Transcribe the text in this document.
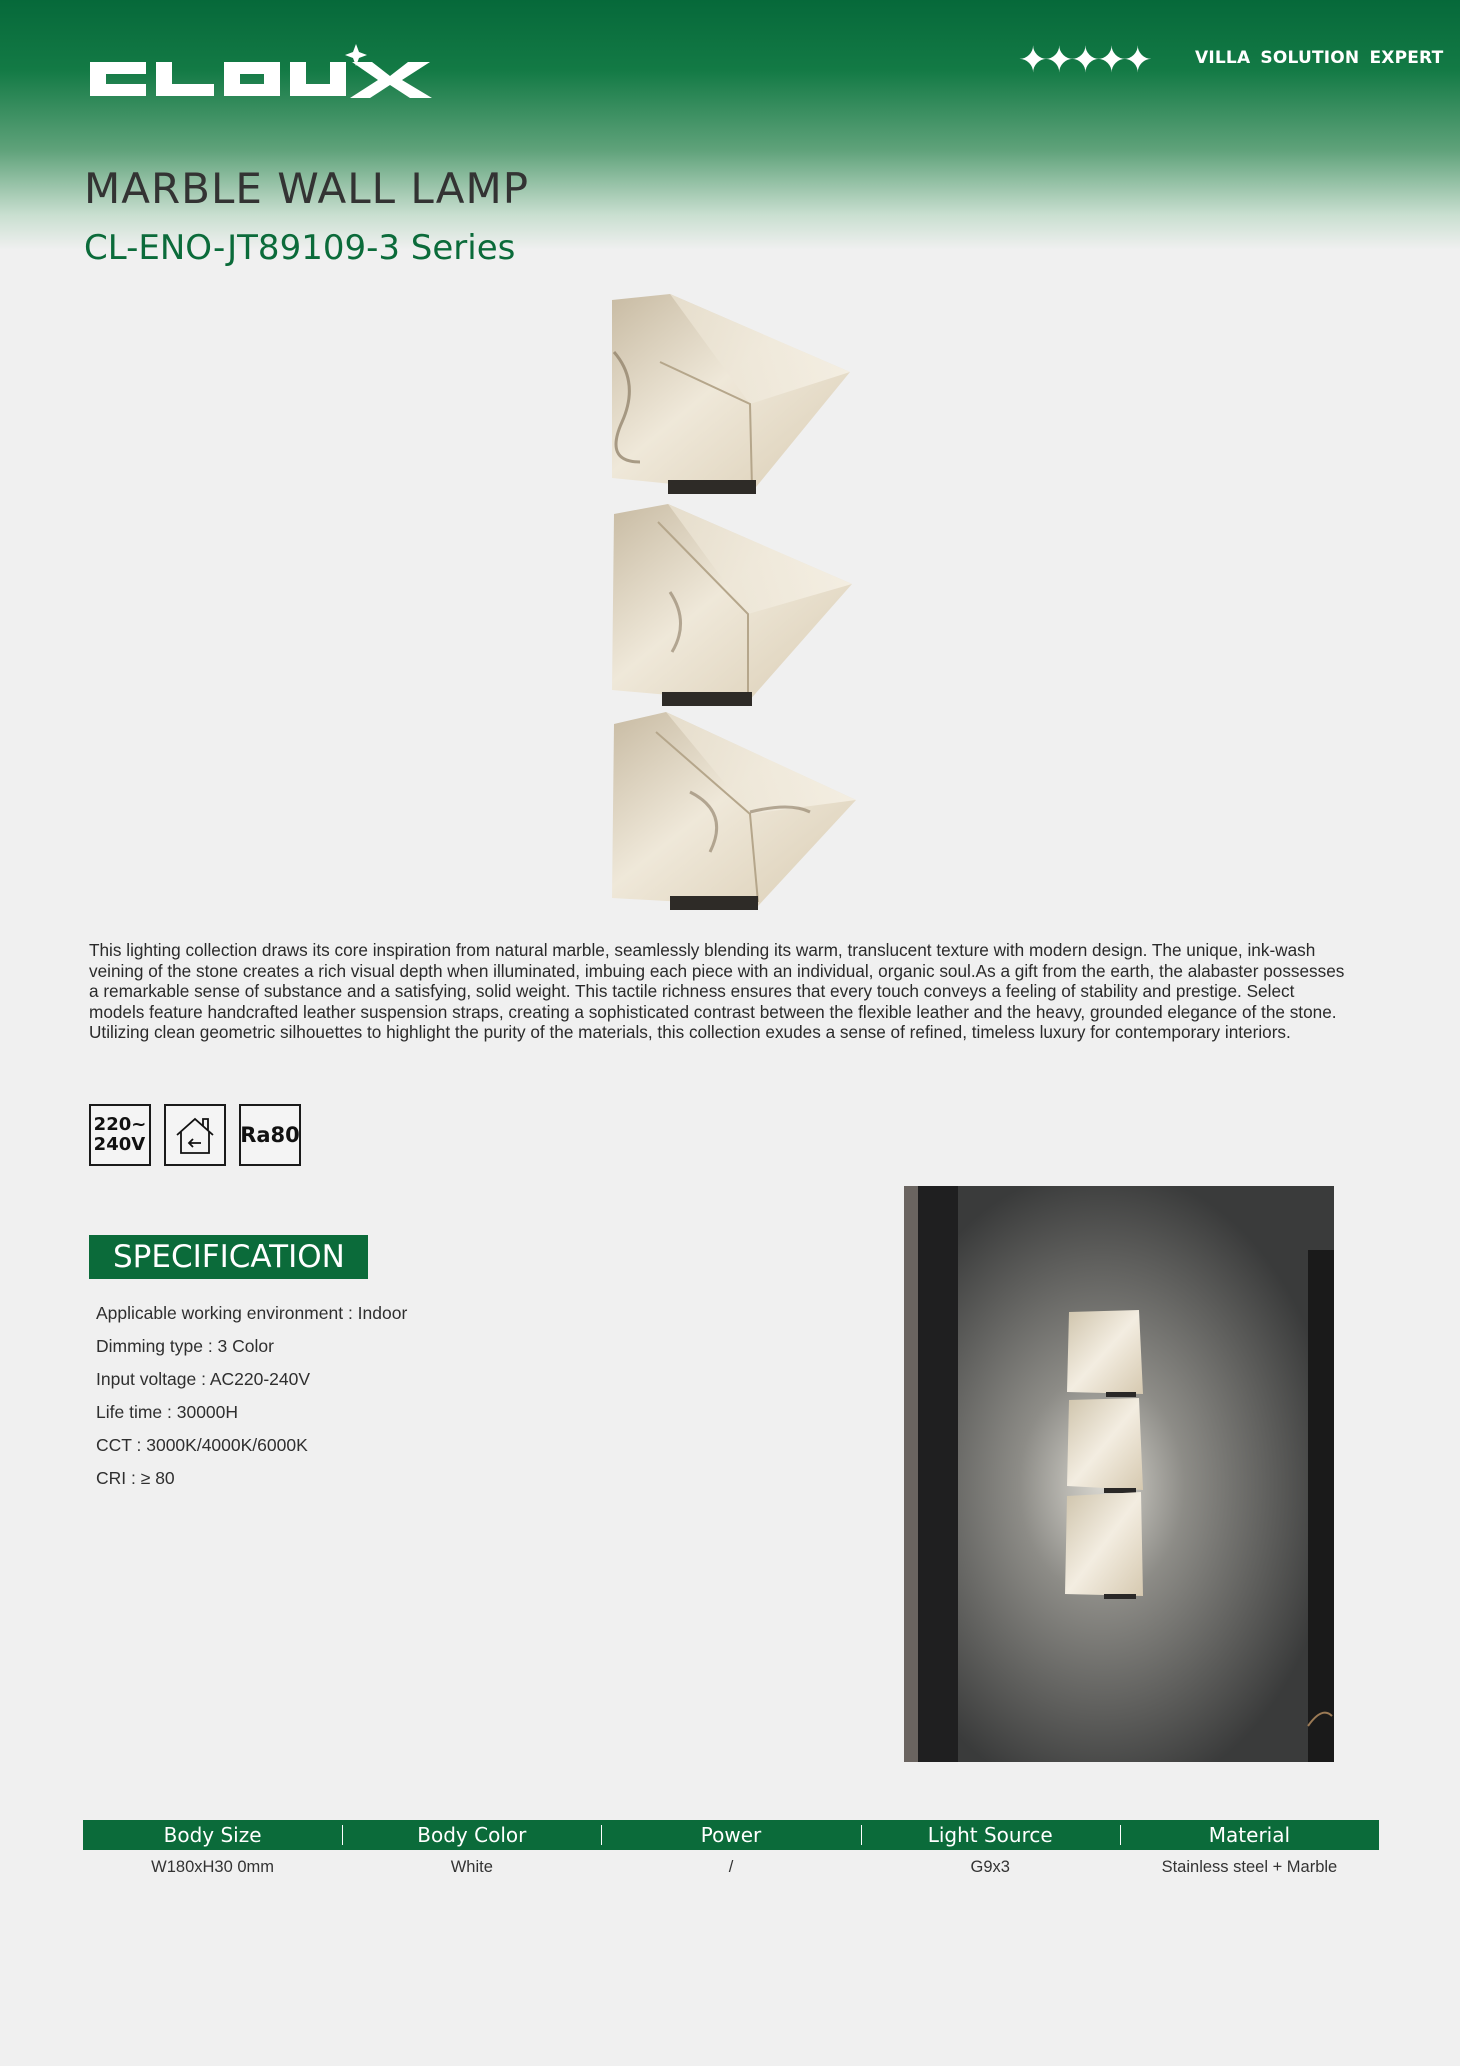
✦✦✦✦✦	VILLA SOLUTION EXPERT
MARBLE WALL LAMP
CL-ENO-JT89109-3 Series

This lighting collection draws its core inspiration from natural marble, seamlessly blending its warm, translucent texture with modern design. The unique, ink-wash veining of the stone creates a rich visual depth when illuminated, imbuing each piece with an individual, organic soul.As a gift from the earth, the alabaster possesses a remarkable sense of substance and a satisfying, solid weight. This tactile richness ensures that every touch conveys a feeling of stability and prestige. Select models feature handcrafted leather suspension straps, creating a sophisticated contrast between the flexible leather and the heavy, grounded elegance of the stone. Utilizing clean geometric silhouettes to highlight the purity of the materials, this collection exudes a sense of refined, timeless luxury for contemporary interiors.

220~
240V	Ra80
SPECIFICATION
Applicable working environment : Indoor
Dimming type : 3 Color
Input voltage : AC220-240V
Life time : 30000H
CCT : 3000K/4000K/6000K
CRI : ≥ 80
Body Size	Body Color	Power	Light Source	Material
W180xH30 0mm	White	/	G9x3	Stainless steel + Marble
